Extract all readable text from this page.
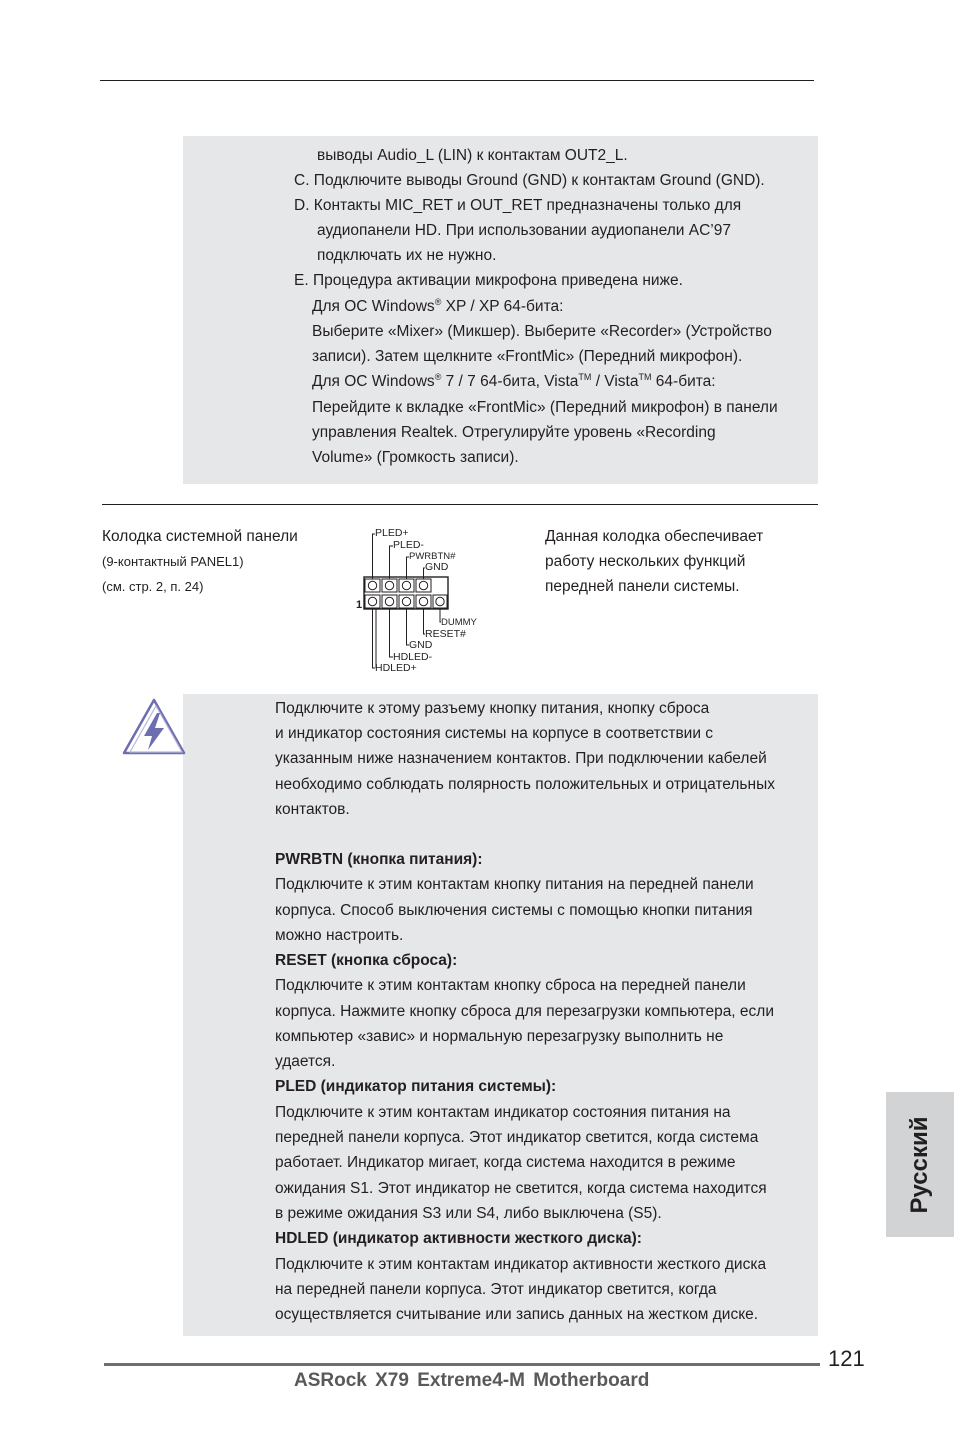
выводы Audio_L (LIN) к контактам OUT2_L.
C. Подключите выводы Ground (GND) к контактам Ground (GND).
D. Контакты MIC_RET и OUT_RET предназначены только для
аудиопанели HD. При использовании аудиопанели AC’97
подключать их не нужно.
E. Процедура активации микрофона приведена ниже.
Для ОС Windows® XP / XP 64-бита:
Выберите «Mixer» (Микшер). Выберите «Recorder» (Устройство
записи). Затем щелкните «FrontMic» (Передний микрофон).
Для ОС Windows® 7 / 7 64-бита, Vista™ / Vista™ 64-бита:
Перейдите к вкладке «FrontMic» (Передний микрофон) в панели
управления Realtek. Отрегулируйте уровень «Recording
Volume» (Громкость записи).
Колодка системной панели
(9-контактный PANEL1)
(см. стр. 2, п. 24)
PLED+
PLED-
PWRBTN#
GND
DUMMY
RESET#
GND
HDLED-
HDLED+
1
Данная колодка обеспечивает
работу нескольких функций
передней панели системы.
Подключите к этому разъему кнопку питания, кнопку сброса
и индикатор состояния системы на корпусе в соответствии с
указанным ниже назначением контактов. При подключении кабелей
необходимо соблюдать полярность положительных и отрицательных
контактов.
PWRBTN (кнопка питания):
Подключите к этим контактам кнопку питания на передней панели
корпуса. Способ выключения системы с помощью кнопки питания
можно настроить.
RESET (кнопка сброса):
Подключите к этим контактам кнопку сброса на передней панели
корпуса. Нажмите кнопку сброса для перезагрузки компьютера, если
компьютер «завис» и нормальную перезагрузку выполнить не
удается.
PLED (индикатор питания системы):
Подключите к этим контактам индикатор состояния питания на
передней панели корпуса. Этот индикатор светится, когда система
работает. Индикатор мигает, когда система находится в режиме
ожидания S1. Этот индикатор не светится, когда система находится
в режиме ожидания S3 или S4, либо выключена (S5).
HDLED (индикатор активности жесткого диска):
Подключите к этим контактам индикатор активности жесткого диска
на передней панели корпуса. Этот индикатор светится, когда
осуществляется считывание или запись данных на жестком диске.
Русский
121
ASRock X79 Extreme4-M Motherboard
